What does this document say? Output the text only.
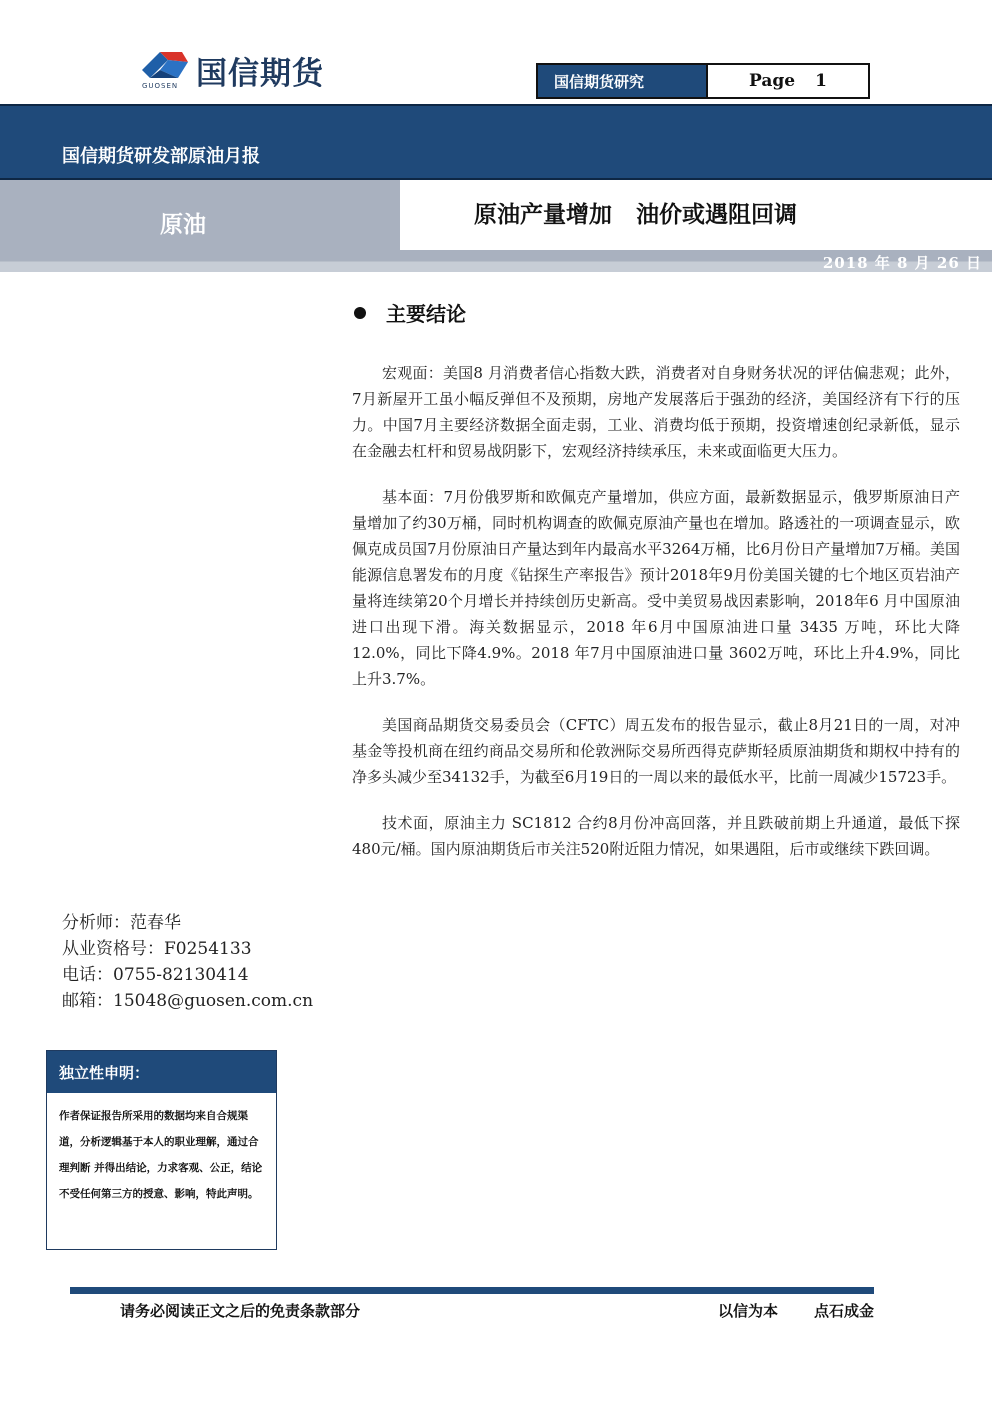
国信期货
GUOSEN	国信期货研究	Page 1
国信期货研发部原油月报
原油	原油产量增加   油价或遇阻回调
2018 年 8 月 26 日
主要结论

宏观面：美国8 月消费者信心指数大跌，消费者对自身财务状况的评估偏悲观；此外，7月新屋开工虽小幅反弹但不及预期，房地产发展落后于强劲的经济，美国经济有下行的压力。中国7月主要经济数据全面走弱，工业、消费均低于预期，投资增速创纪录新低，显示在金融去杠杆和贸易战阴影下，宏观经济持续承压，未来或面临更大压力。

基本面：7月份俄罗斯和欧佩克产量增加，供应方面，最新数据显示，俄罗斯原油日产量增加了约30万桶，同时机构调查的欧佩克原油产量也在增加。路透社的一项调查显示，欧佩克成员国7月份原油日产量达到年内最高水平3264万桶，比6月份日产量增加7万桶。美国能源信息署发布的月度《钻探生产率报告》预计2018年9月份美国关键的七个地区页岩油产量将连续第20个月增长并持续创历史新高。受中美贸易战因素影响，2018年6 月中国原油进口出现下滑。海关数据显示，2018 年6月中国原油进口量 3435 万吨，环比大降12.0%，同比下降4.9%。2018 年7月中国原油进口量 3602万吨，环比上升4.9%，同比上升3.7%。

美国商品期货交易委员会（CFTC）周五发布的报告显示，截止8月21日的一周，对冲基金等投机商在纽约商品交易所和伦敦洲际交易所西得克萨斯轻质原油期货和期权中持有的净多头减少至34132手，为截至6月19日的一周以来的最低水平，比前一周减少15723手。

技术面，原油主力 SC1812 合约8月份冲高回落，并且跌破前期上升通道，最低下探 480元/桶。国内原油期货后市关注520附近阻力情况，如果遇阻，后市或继续下跌回调。

分析师：范春华
从业资格号：F0254133
电话：0755-82130414
邮箱：15048@guosen.com.cn
独立性申明：
作者保证报告所采用的数据均来自合规渠道，分析逻辑基于本人的职业理解，通过合理判断 并得出结论，力求客观、公正，结论不受任何第三方的授意、影响，特此声明。
请务必阅读正文之后的免责条款部分	以信为本 点石成金
